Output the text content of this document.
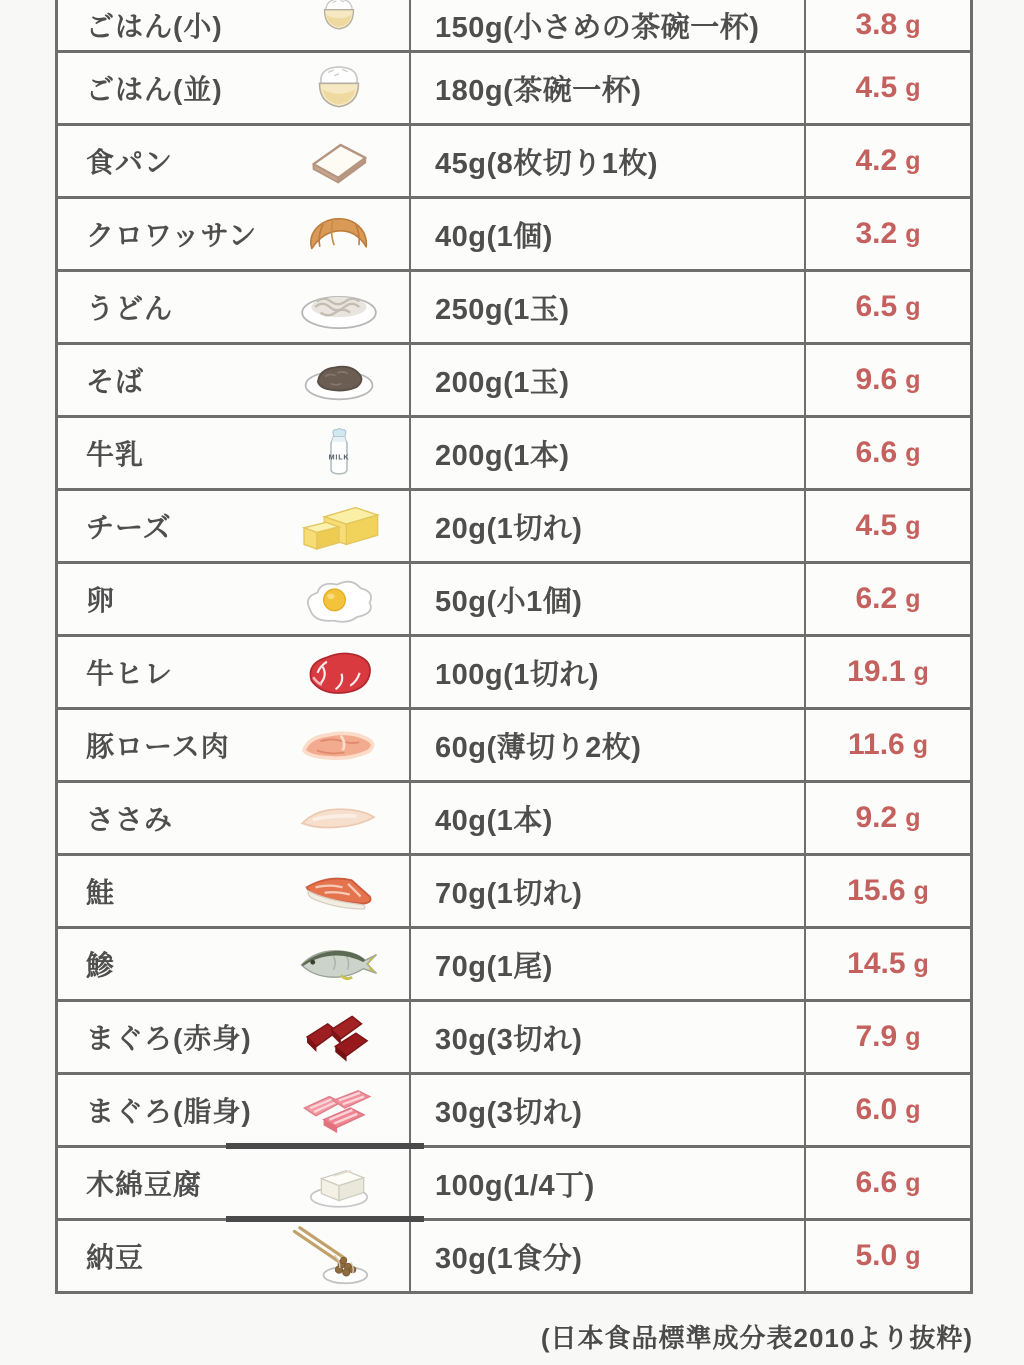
ごはん(小)	150g(小さめの茶碗一杯)	3.8 g
ごはん(並)	180g(茶碗一杯)	4.5 g
食パン	45g(8枚切り1枚)	4.2 g
クロワッサン	40g(1個)	3.2 g
うどん	250g(1玉)	6.5 g
そば	200g(1玉)	9.6 g
牛乳	MILK	200g(1本)	6.6 g
チーズ	20g(1切れ)	4.5 g
卵	50g(小1個)	6.2 g
牛ヒレ	100g(1切れ)	19.1 g
豚ロース肉	60g(薄切り2枚)	11.6 g
ささみ	40g(1本)	9.2 g
鮭	70g(1切れ)	15.6 g
鯵	70g(1尾)	14.5 g
まぐろ(赤身)	30g(3切れ)	7.9 g
まぐろ(脂身)	30g(3切れ)	6.0 g
木綿豆腐	100g(1/4丁)	6.6 g
納豆	30g(1食分)	5.0 g
(日本食品標準成分表2010より抜粋)
